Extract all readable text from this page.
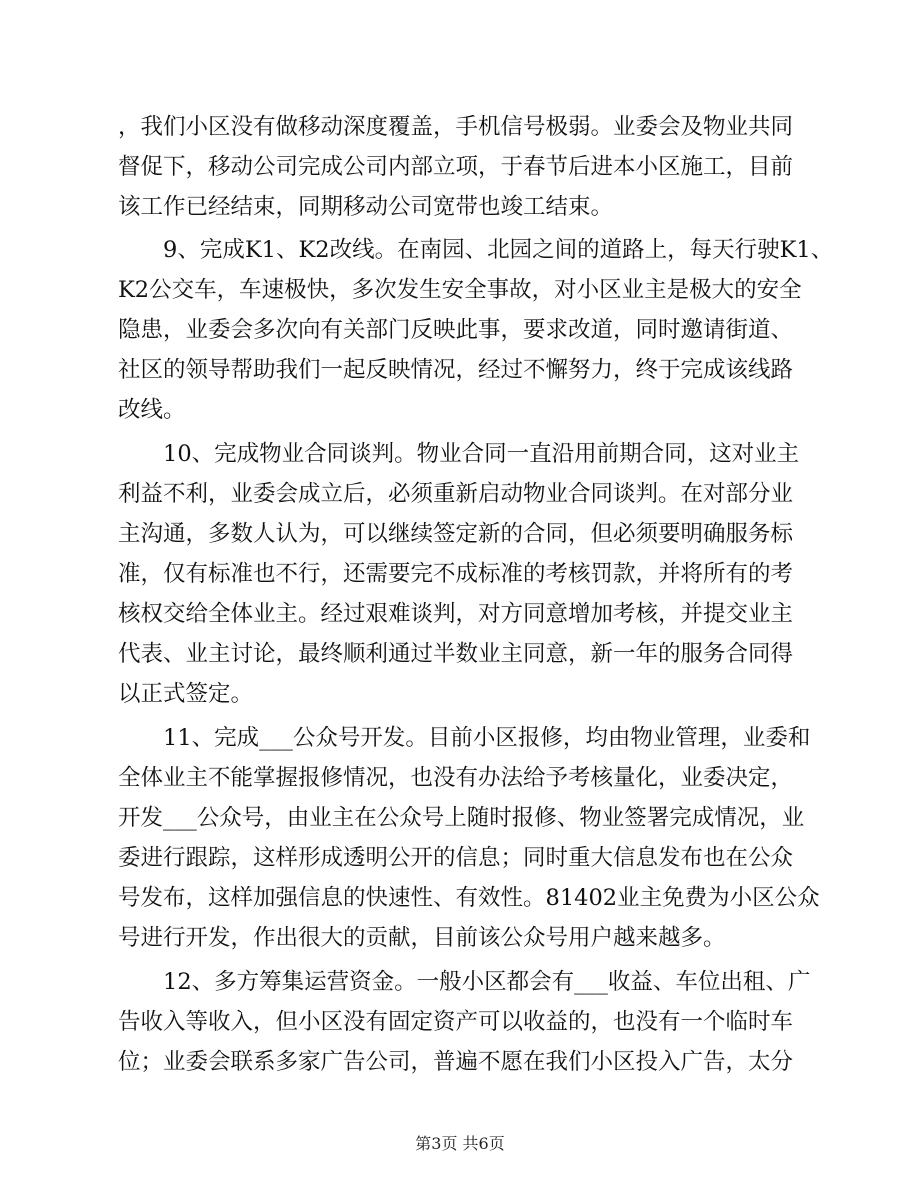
，我们小区没有做移动深度覆盖，手机信号极弱。业委会及物业共同
督促下，移动公司完成公司内部立项，于春节后进本小区施工，目前
该工作已经结束，同期移动公司宽带也竣工结束。
　　9、完成K1、K2改线。在南园、北园之间的道路上，每天行驶K1、
K2公交车，车速极快，多次发生安全事故，对小区业主是极大的安全
隐患，业委会多次向有关部门反映此事，要求改道，同时邀请街道、
社区的领导帮助我们一起反映情况，经过不懈努力，终于完成该线路
改线。
　　10、完成物业合同谈判。物业合同一直沿用前期合同，这对业主
利益不利，业委会成立后，必须重新启动物业合同谈判。在对部分业
主沟通，多数人认为，可以继续签定新的合同，但必须要明确服务标
准，仅有标准也不行，还需要完不成标准的考核罚款，并将所有的考
核权交给全体业主。经过艰难谈判，对方同意增加考核，并提交业主
代表、业主讨论，最终顺利通过半数业主同意，新一年的服务合同得
以正式签定。
　　11、完成___公众号开发。目前小区报修，均由物业管理，业委和
全体业主不能掌握报修情况，也没有办法给予考核量化，业委决定，
开发___公众号，由业主在公众号上随时报修、物业签署完成情况，业
委进行跟踪，这样形成透明公开的信息；同时重大信息发布也在公众
号发布，这样加强信息的快速性、有效性。81402业主免费为小区公众
号进行开发，作出很大的贡献，目前该公众号用户越来越多。
　　12、多方筹集运营资金。一般小区都会有___收益、车位出租、广
告收入等收入，但小区没有固定资产可以收益的，也没有一个临时车
位；业委会联系多家广告公司，普遍不愿在我们小区投入广告，太分
第3页 共6页
